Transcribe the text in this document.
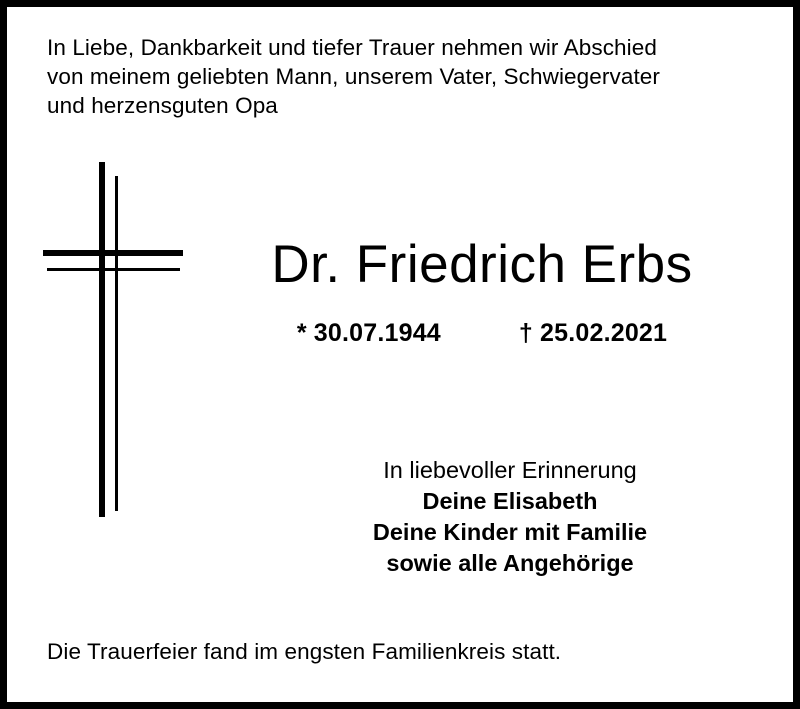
In Liebe, Dankbarkeit und tiefer Trauer nehmen wir Abschied
von meinem geliebten Mann, unserem Vater, Schwiegervater
und herzensguten Opa
Dr. Friedrich Erbs
* 30.07.1944	† 25.02.2021
In liebevoller Erinnerung
Deine Elisabeth
Deine Kinder mit Familie
sowie alle Angehörige
Die Trauerfeier fand im engsten Familienkreis statt.
